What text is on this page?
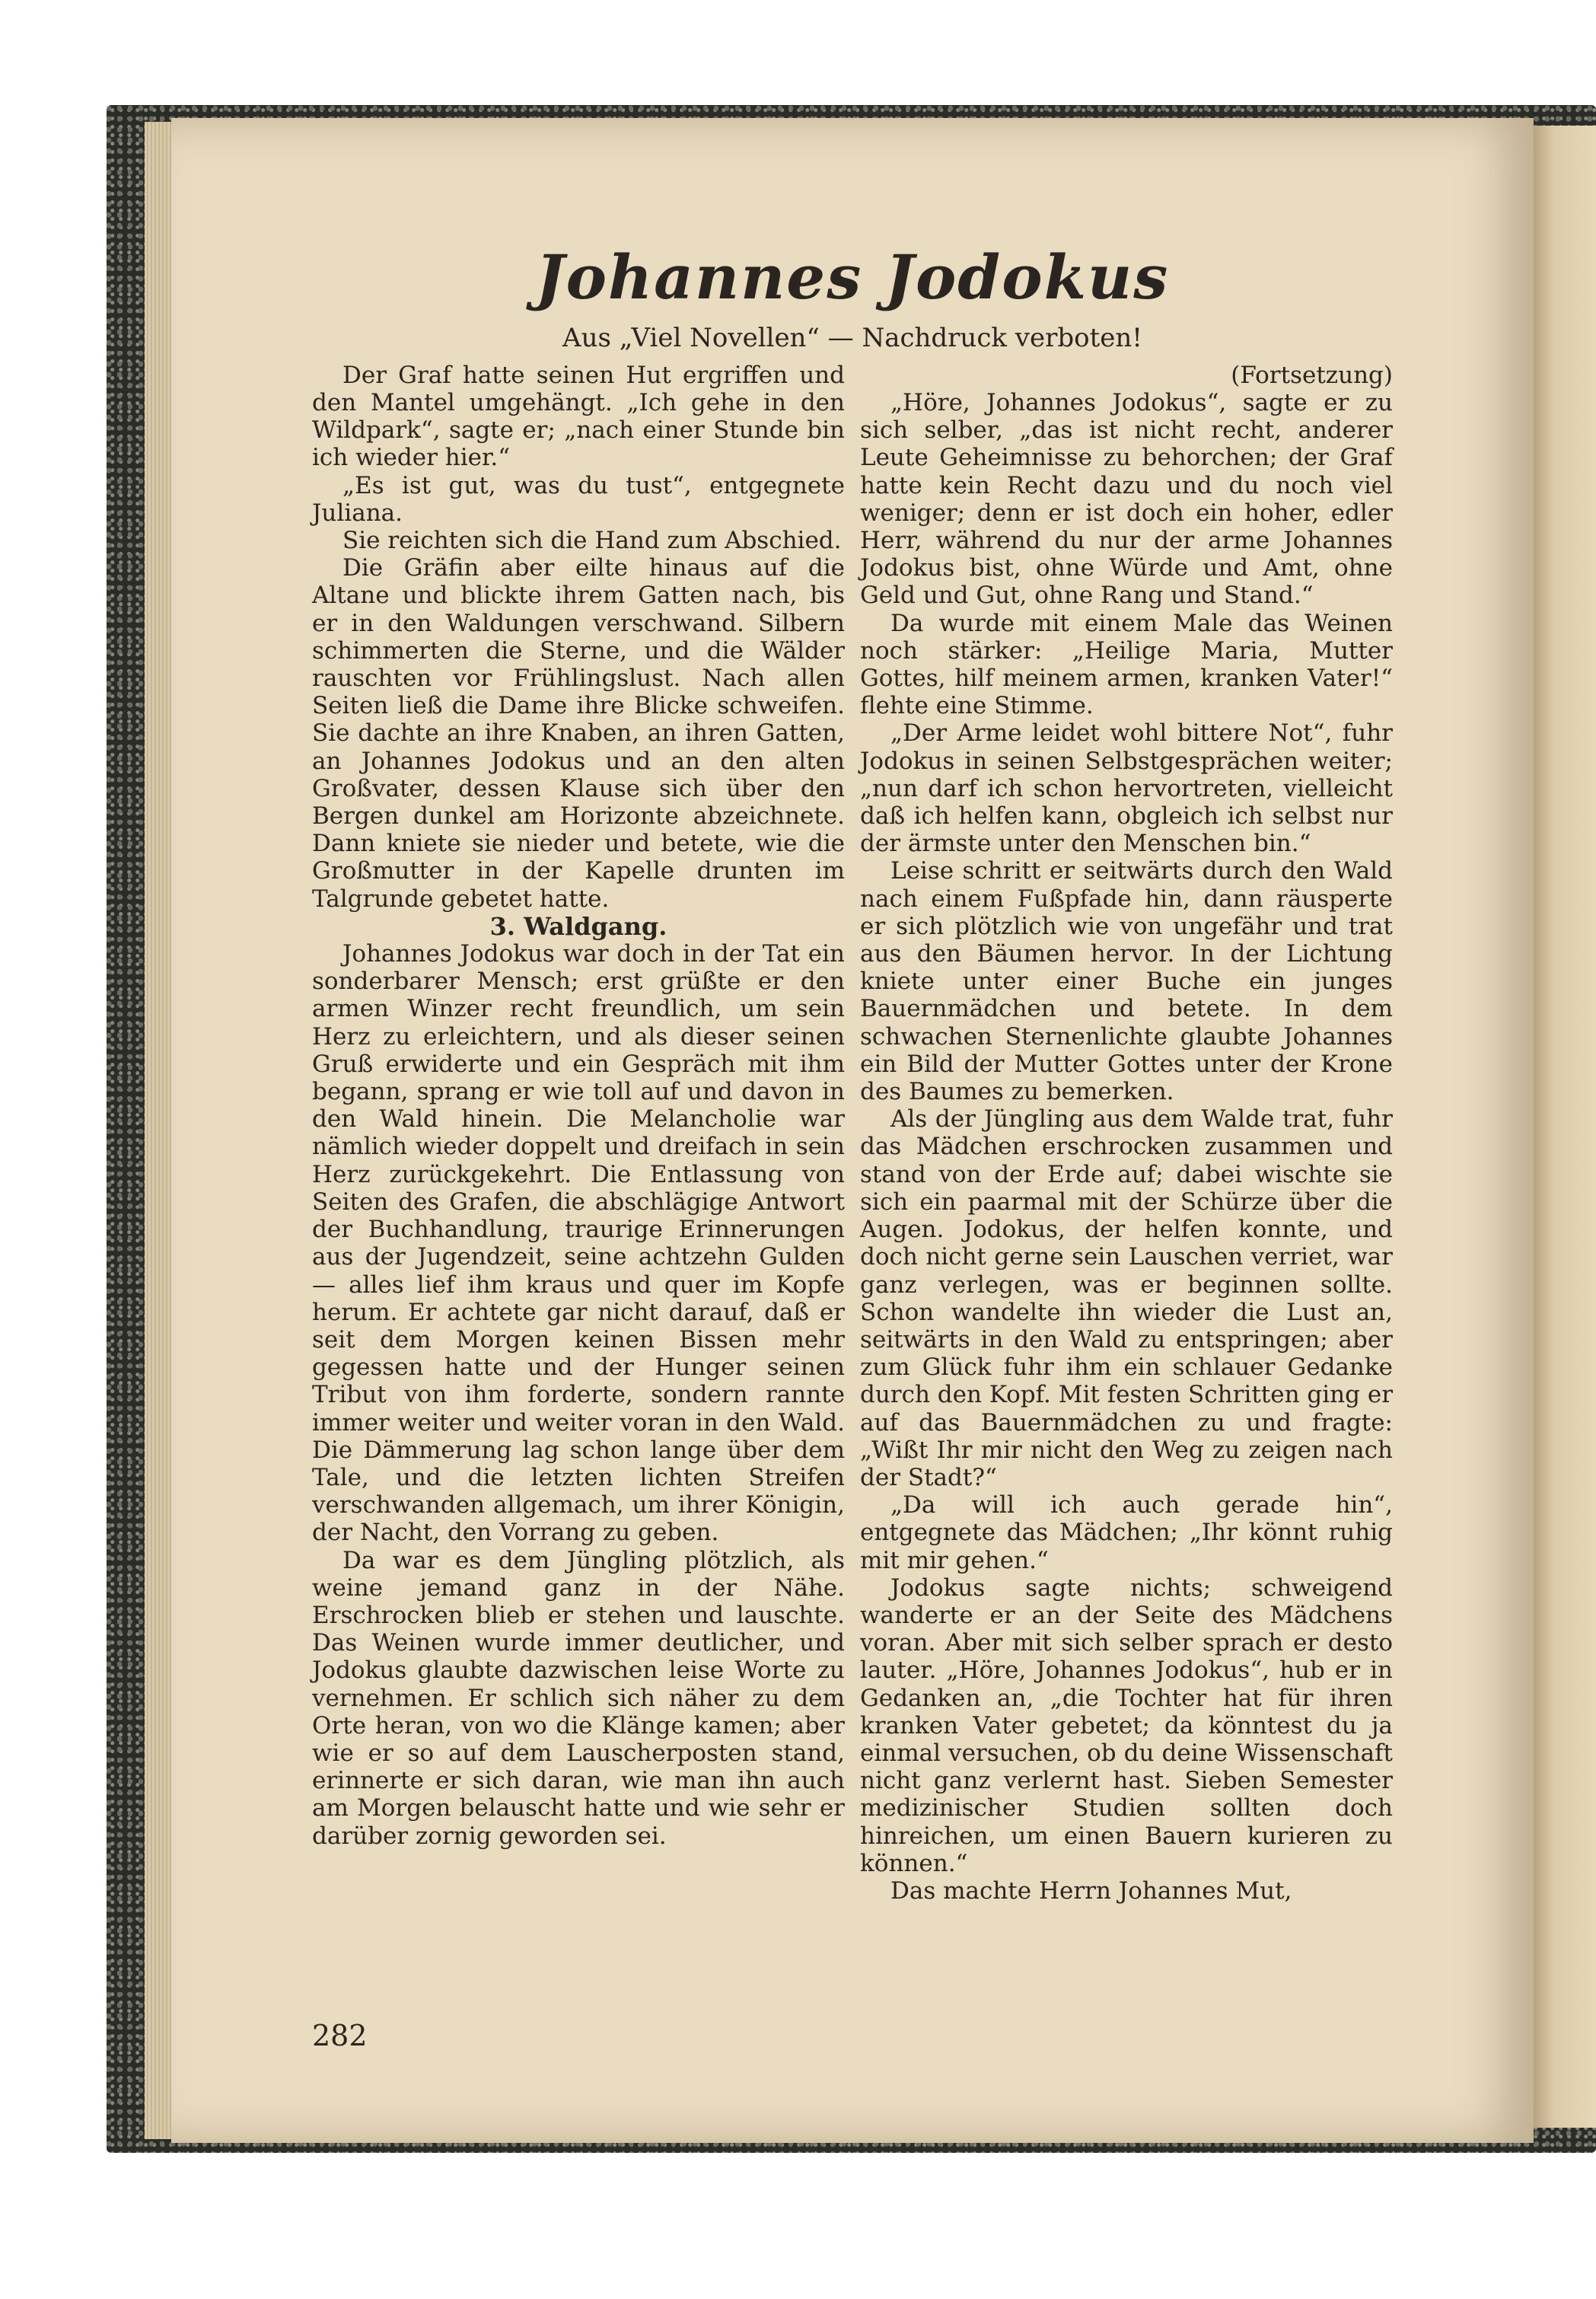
Johannes Jodokus
Aus „Viel Novellen“ — Nachdruck verboten!

Der Graf hatte seinen Hut ergriffen und den Mantel umgehängt. „Ich gehe in den Wildpark“, sagte er; „nach einer Stunde bin ich wieder hier.“

„Es ist gut, was du tust“, entgegnete Juliana.

Sie reichten sich die Hand zum Abschied.

Die Gräfin aber eilte hinaus auf die Altane und blickte ihrem Gatten nach, bis er in den Waldungen verschwand. Silbern schimmerten die Sterne, und die Wälder rauschten vor Frühlingslust. Nach allen Seiten ließ die Dame ihre Blicke schweifen. Sie dachte an ihre Knaben, an ihren Gatten, an Johannes Jodokus und an den alten Großvater, dessen Klause sich über den Bergen dunkel am Horizonte abzeichnete. Dann kniete sie nieder und betete, wie die Großmutter in der Kapelle drunten im Talgrunde gebetet hatte.

3. Waldgang.

Johannes Jodokus war doch in der Tat ein sonderbarer Mensch; erst grüßte er den armen Winzer recht freundlich, um sein Herz zu erleichtern, und als dieser seinen Gruß erwiderte und ein Gespräch mit ihm begann, sprang er wie toll auf und davon in den Wald hinein. Die Melancholie war nämlich wieder doppelt und dreifach in sein Herz zurückgekehrt. Die Entlassung von Seiten des Grafen, die abschlägige Antwort der Buchhandlung, traurige Erinnerungen aus der Jugendzeit, seine achtzehn Gulden — alles lief ihm kraus und quer im Kopfe herum. Er achtete gar nicht darauf, daß er seit dem Morgen keinen Bissen mehr gegessen hatte und der Hunger seinen Tribut von ihm forderte, sondern rannte immer weiter und weiter voran in den Wald. Die Dämmerung lag schon lange über dem Tale, und die letzten lichten Streifen verschwanden allgemach, um ihrer Königin, der Nacht, den Vorrang zu geben.

Da war es dem Jüngling plötzlich, als weine jemand ganz in der Nähe. Erschrocken blieb er stehen und lauschte. Das Weinen wurde immer deutlicher, und Jodokus glaubte dazwischen leise Worte zu vernehmen. Er schlich sich näher zu dem Orte heran, von wo die Klänge kamen; aber wie er so auf dem Lauscherposten stand, erinnerte er sich daran, wie man ihn auch am Morgen belauscht hatte und wie sehr er darüber zornig geworden sei.

(Fortsetzung)

„Höre, Johannes Jodokus“, sagte er zu sich selber, „das ist nicht recht, anderer Leute Geheimnisse zu behorchen; der Graf hatte kein Recht dazu und du noch viel weniger; denn er ist doch ein hoher, edler Herr, während du nur der arme Johannes Jodokus bist, ohne Würde und Amt, ohne Geld und Gut, ohne Rang und Stand.“

Da wurde mit einem Male das Weinen noch stärker: „Heilige Maria, Mutter Gottes, hilf meinem armen, kranken Vater!“ flehte eine Stimme.

„Der Arme leidet wohl bittere Not“, fuhr Jodokus in seinen Selbstgesprächen weiter; „nun darf ich schon hervortreten, vielleicht daß ich helfen kann, obgleich ich selbst nur der ärmste unter den Menschen bin.“

Leise schritt er seitwärts durch den Wald nach einem Fußpfade hin, dann räusperte er sich plötzlich wie von ungefähr und trat aus den Bäumen hervor. In der Lichtung kniete unter einer Buche ein junges Bauernmädchen und betete. In dem schwachen Sternenlichte glaubte Johannes ein Bild der Mutter Gottes unter der Krone des Baumes zu bemerken.

Als der Jüngling aus dem Walde trat, fuhr das Mädchen erschrocken zusammen und stand von der Erde auf; dabei wischte sie sich ein paarmal mit der Schürze über die Augen. Jodokus, der helfen konnte, und doch nicht gerne sein Lauschen verriet, war ganz verlegen, was er beginnen sollte. Schon wandelte ihn wieder die Lust an, seitwärts in den Wald zu entspringen; aber zum Glück fuhr ihm ein schlauer Gedanke durch den Kopf. Mit festen Schritten ging er auf das Bauernmädchen zu und fragte: „Wißt Ihr mir nicht den Weg zu zeigen nach der Stadt?“

„Da will ich auch gerade hin“, entgegnete das Mädchen; „Ihr könnt ruhig mit mir gehen.“

Jodokus sagte nichts; schweigend wanderte er an der Seite des Mädchens voran. Aber mit sich selber sprach er desto lauter. „Höre, Johannes Jodokus“, hub er in Gedanken an, „die Tochter hat für ihren kranken Vater gebetet; da könntest du ja einmal versuchen, ob du deine Wissenschaft nicht ganz verlernt hast. Sieben Semester medizinischer Studien sollten doch hinreichen, um einen Bauern kurieren zu können.“

Das machte Herrn Johannes Mut,

282
